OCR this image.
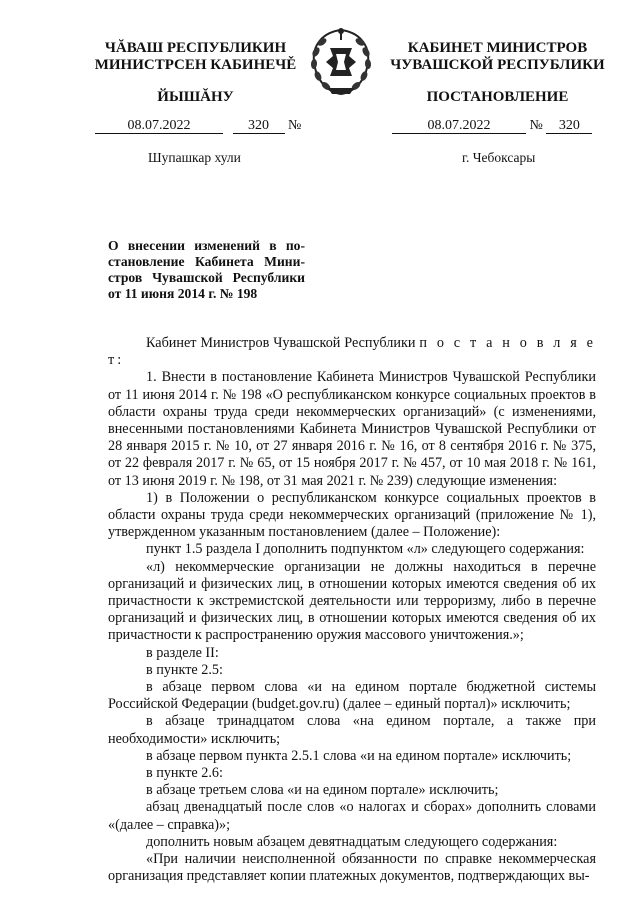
ЧĂВАШ РЕСПУБЛИКИН
МИНИСТРСЕН КАБИНЕЧĚ
ЙЫШĂНУ
КАБИНЕТ МИНИСТРОВ
ЧУВАШСКОЙ РЕСПУБЛИКИ
ПОСТАНОВЛЕНИЕ
08.07.2022	320 №	08.07.2022	№ 320
Шупашкар хули	г. Чебоксары
О внесении изменений в по-
становление Кабинета Мини-
стров Чувашской Республики
от 11 июня 2014 г. № 198

Кабинет Министров Чувашской Республики п о с т а н о в л я е т:

1. Внести в постановление Кабинета Министров Чувашской Республики от 11 июня 2014 г. № 198 «О республиканском конкурсе социальных проектов в области охраны труда среди некоммерческих организаций» (с изменениями, внесенными постановлениями Кабинета Министров Чувашской Республики от 28 января 2015 г. № 10, от 27 января 2016 г. № 16, от 8 сентября 2016 г. № 375, от 22 февраля 2017 г. № 65, от 15 ноября 2017 г. № 457, от 10 мая 2018 г. № 161, от 13 июня 2019 г. № 198, от 31 мая 2021 г. № 239) следующие изменения:

1) в Положении о республиканском конкурсе социальных проектов в области охраны труда среди некоммерческих организаций (приложение № 1), утвержденном указанным постановлением (далее – Положение):

пункт 1.5 раздела I дополнить подпунктом «л» следующего содержания:

«л) некоммерческие организации не должны находиться в перечне организаций и физических лиц, в отношении которых имеются сведения об их причастности к экстремистской деятельности или терроризму, либо в перечне организаций и физических лиц, в отношении которых имеются сведения об их причастности к распространению оружия массового уничтожения.»;

в разделе II:

в пункте 2.5:

в абзаце первом слова «и на едином портале бюджетной системы Российской Федерации (budget.gov.ru) (далее – единый портал)» исключить;

в абзаце тринадцатом слова «на едином портале, а также при необходимости» исключить;

в абзаце первом пункта 2.5.1 слова «и на едином портале» исключить;

в пункте 2.6:

в абзаце третьем слова «и на едином портале» исключить;

абзац двенадцатый после слов «о налогах и сборах» дополнить словами «(далее – справка)»;

дополнить новым абзацем девятнадцатым следующего содержания:

«При наличии неисполненной обязанности по справке некоммерческая организация представляет копии платежных документов, подтверждающих вы-
